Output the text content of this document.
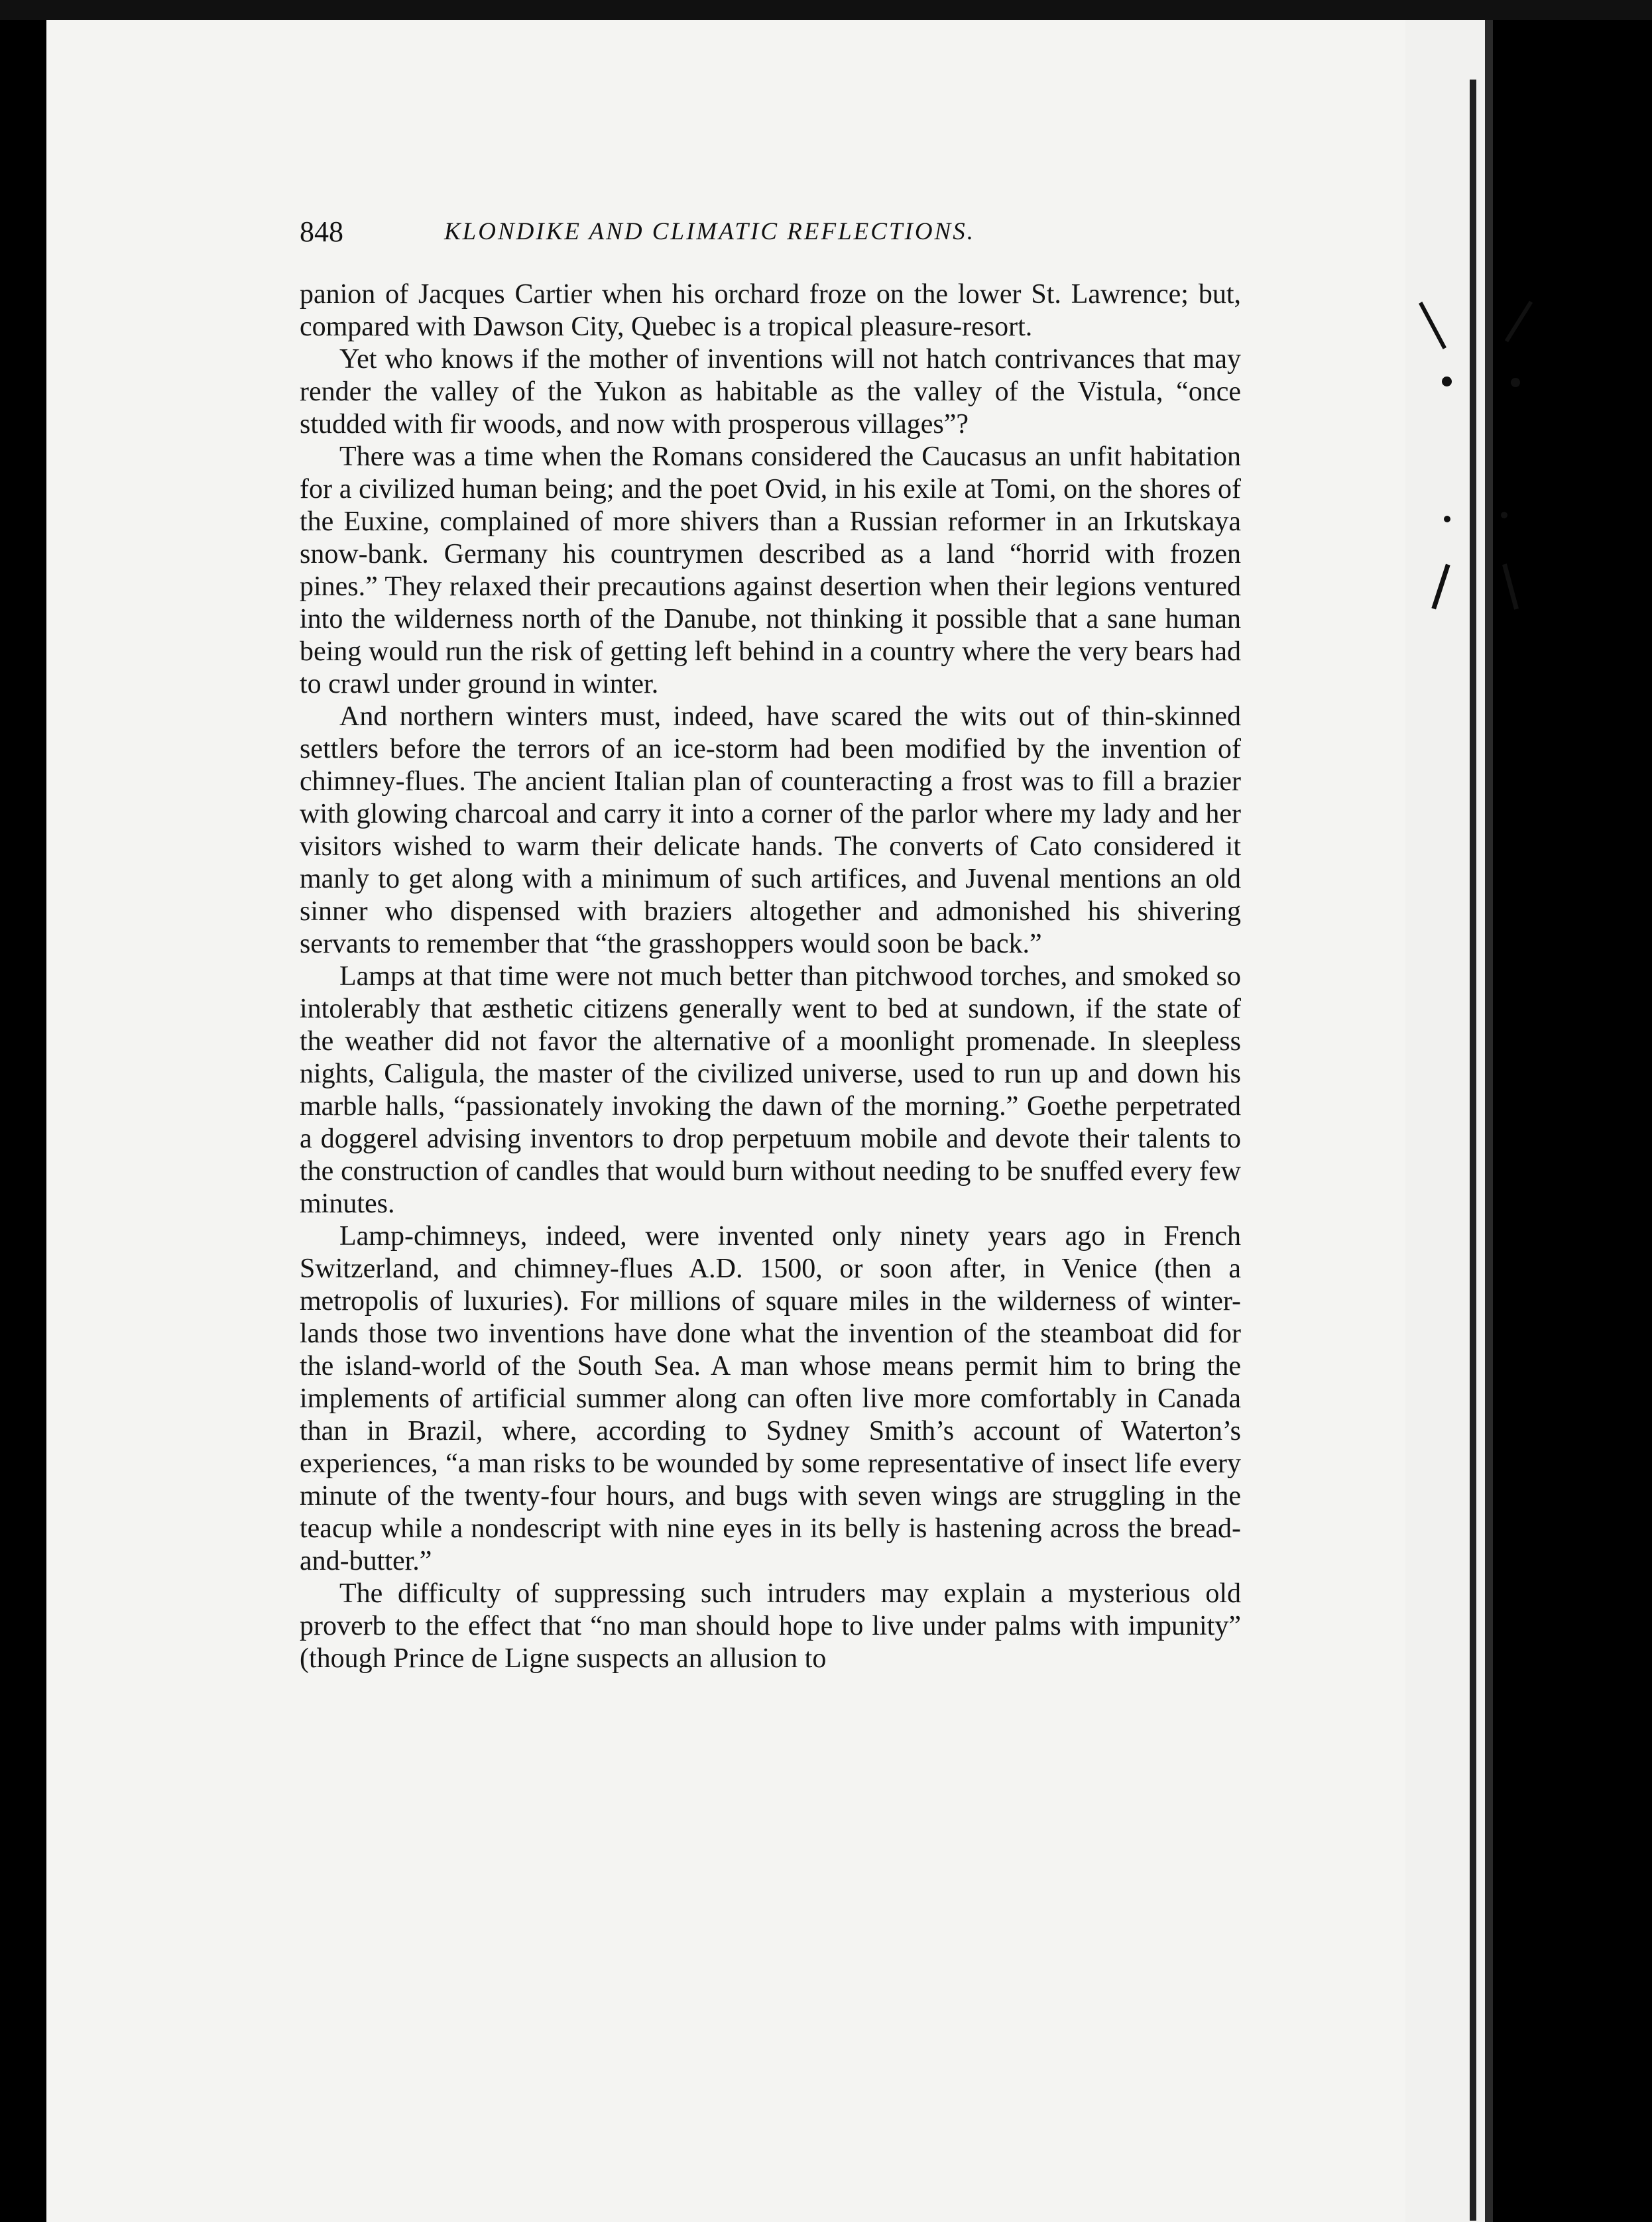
848	KLONDIKE AND CLIMATIC REFLECTIONS.

panion of Jacques Cartier when his orchard froze on the lower St. Lawrence; but, compared with Dawson City, Quebec is a tropical pleasure-resort.

Yet who knows if the mother of inventions will not hatch contrivances that may render the valley of the Yukon as habitable as the valley of the Vistula, “once studded with fir woods, and now with prosperous villages”?

There was a time when the Romans considered the Caucasus an unfit habitation for a civilized human being; and the poet Ovid, in his exile at Tomi, on the shores of the Euxine, complained of more shivers than a Russian reformer in an Irkutskaya snow-bank. Germany his countrymen described as a land “horrid with frozen pines.” They relaxed their precautions against desertion when their legions ventured into the wilderness north of the Danube, not thinking it possible that a sane human being would run the risk of getting left behind in a country where the very bears had to crawl under ground in winter.

And northern winters must, indeed, have scared the wits out of thin-skinned settlers before the terrors of an ice-storm had been modified by the invention of chimney-flues. The ancient Italian plan of counteracting a frost was to fill a brazier with glowing charcoal and carry it into a corner of the parlor where my lady and her visitors wished to warm their delicate hands. The converts of Cato considered it manly to get along with a minimum of such artifices, and Juvenal mentions an old sinner who dispensed with braziers altogether and admonished his shivering servants to remember that “the grasshoppers would soon be back.”

Lamps at that time were not much better than pitchwood torches, and smoked so intolerably that æsthetic citizens generally went to bed at sundown, if the state of the weather did not favor the alternative of a moonlight promenade. In sleepless nights, Caligula, the master of the civilized universe, used to run up and down his marble halls, “passionately invoking the dawn of the morning.” Goethe perpetrated a doggerel advising inventors to drop perpetuum mobile and devote their talents to the construction of candles that would burn without needing to be snuffed every few minutes.

Lamp-chimneys, indeed, were invented only ninety years ago in French Switzerland, and chimney-flues A.D. 1500, or soon after, in Venice (then a metropolis of luxuries). For millions of square miles in the wilderness of winter-lands those two inventions have done what the invention of the steamboat did for the island-world of the South Sea. A man whose means permit him to bring the implements of artificial summer along can often live more comfortably in Canada than in Brazil, where, according to Sydney Smith’s account of Waterton’s experiences, “a man risks to be wounded by some representative of insect life every minute of the twenty-four hours, and bugs with seven wings are struggling in the teacup while a nondescript with nine eyes in its belly is hastening across the bread-and-butter.”

The difficulty of suppressing such intruders may explain a mysterious old proverb to the effect that “no man should hope to live under palms with impunity” (though Prince de Ligne suspects an allusion to
